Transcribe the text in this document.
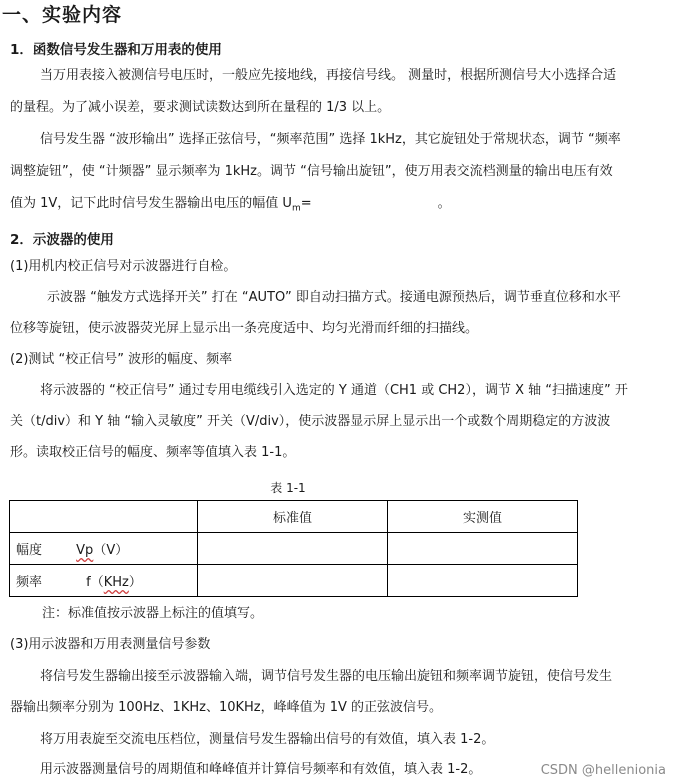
一、实验内容
1．函数信号发生器和万用表的使用
当万用表接入被测信号电压时，一般应先接地线，再接信号线。 测量时，根据所测信号大小选择合适
的量程。为了减小误差，要求测试读数达到所在量程的 1/3 以上。
信号发生器 “波形输出” 选择正弦信号，“频率范围” 选择 1kHz，其它旋钮处于常规状态，调节 “频率
调整旋钮”，使 “计频器” 显示频率为 1kHz。调节 “信号输出旋钮”，使万用表交流档测量的输出电压有效
值为 1V，记下此时信号发生器输出电压的幅值 $U_m=$	。
2．示波器的使用
(1)用机内校正信号对示波器进行自检。
示波器 “触发方式选择开关” 打在 “AUTO” 即自动扫描方式。接通电源预热后，调节垂直位移和水平
位移等旋钮，使示波器荧光屏上显示出一条亮度适中、均匀光滑而纤细的扫描线。
(2)测试 “校正信号” 波形的幅度、频率
将示波器的 “校正信号” 通过专用电缆线引入选定的 Y 通道（CH1 或 CH2），调节 X 轴 “扫描速度” 开
关（t/div）和 Y 轴 “输入灵敏度” 开关（V/div），使示波器显示屏上显示出一个或数个周期稳定的方波波
形。读取校正信号的幅度、频率等值填入表 1-1。
表 1-1
	标准值	实测值
幅度 Vp（V）		
频率 f（KHz）		
注：标准值按示波器上标注的值填写。
(3)用示波器和万用表测量信号参数
将信号发生器输出接至示波器输入端，调节信号发生器的电压输出旋钮和频率调节旋钮，使信号发生
器输出频率分别为 100Hz、1KHz、10KHz，峰峰值为 1V 的正弦波信号。
将万用表旋至交流电压档位，测量信号发生器输出信号的有效值，填入表 1-2。
用示波器测量信号的周期值和峰峰值并计算信号频率和有效值，填入表 1-2。	CSDN @hellenionia
